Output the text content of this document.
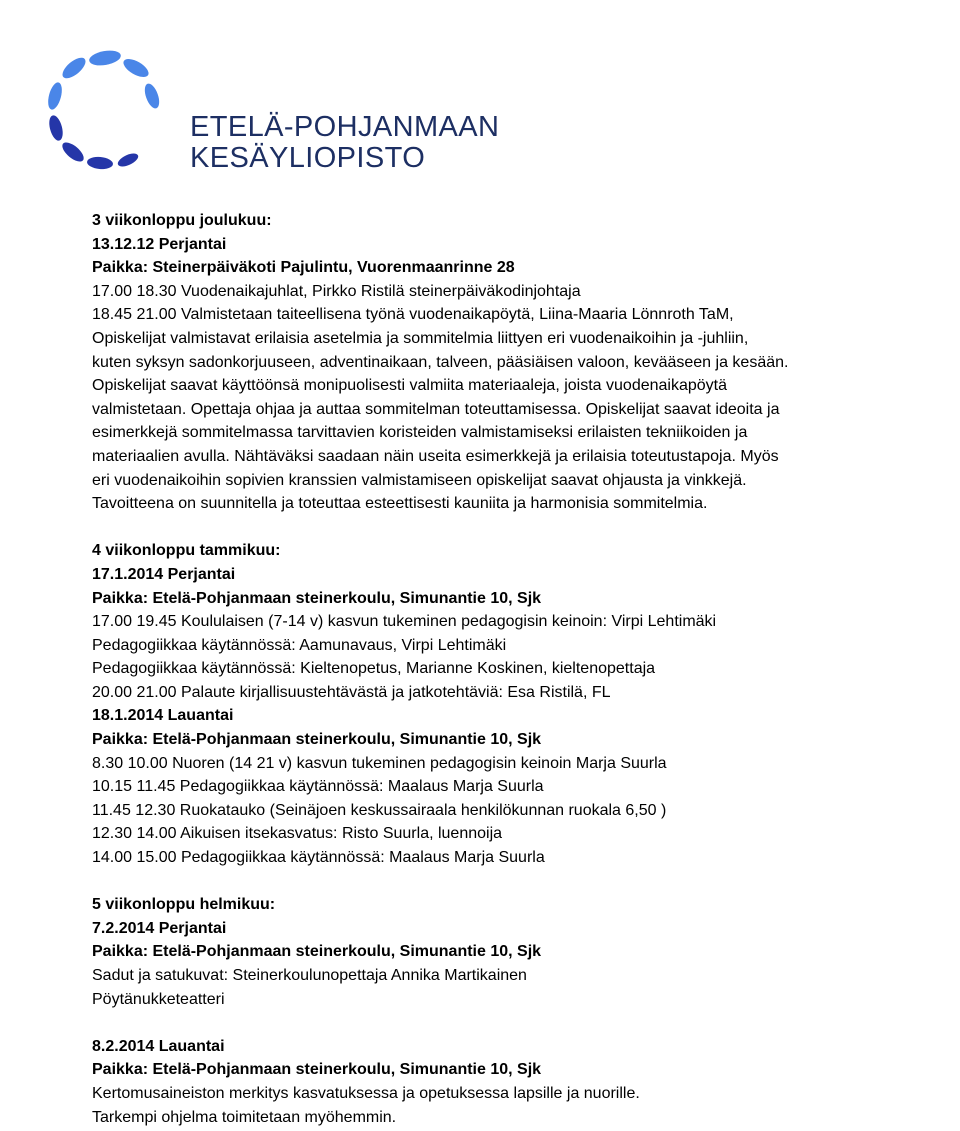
ETELÄ-POHJANMAAN
KESÄYLIOPISTO
3 viikonloppu joulukuu:
13.12.12 Perjantai
Paikka: Steinerpäiväkoti Pajulintu, Vuorenmaanrinne 28
17.00 18.30 Vuodenaikajuhlat, Pirkko Ristilä steinerpäiväkodinjohtaja
18.45 21.00 Valmistetaan taiteellisena työnä vuodenaikapöytä, Liina-Maaria Lönnroth TaM,
Opiskelijat valmistavat erilaisia asetelmia ja sommitelmia liittyen eri vuodenaikoihin ja -juhliin,
kuten syksyn sadonkorjuuseen, adventinaikaan, talveen, pääsiäisen valoon, kevääseen ja kesään.
Opiskelijat saavat käyttöönsä monipuolisesti valmiita materiaaleja, joista vuodenaikapöytä
valmistetaan. Opettaja ohjaa ja auttaa sommitelman toteuttamisessa. Opiskelijat saavat ideoita ja
esimerkkejä sommitelmassa tarvittavien koristeiden valmistamiseksi erilaisten tekniikoiden ja
materiaalien avulla. Nähtäväksi saadaan näin useita esimerkkejä ja erilaisia toteutustapoja. Myös
eri vuodenaikoihin sopivien kranssien valmistamiseen opiskelijat saavat ohjausta ja vinkkejä.
Tavoitteena on suunnitella ja toteuttaa esteettisesti kauniita ja harmonisia sommitelmia.
4 viikonloppu tammikuu:
17.1.2014 Perjantai
Paikka: Etelä-Pohjanmaan steinerkoulu, Simunantie 10, Sjk
17.00 19.45 Koululaisen (7-14 v) kasvun tukeminen pedagogisin keinoin: Virpi Lehtimäki
Pedagogiikkaa käytännössä: Aamunavaus, Virpi Lehtimäki
Pedagogiikkaa käytännössä: Kieltenopetus, Marianne Koskinen, kieltenopettaja
20.00 21.00 Palaute kirjallisuustehtävästä ja jatkotehtäviä: Esa Ristilä, FL
18.1.2014 Lauantai
Paikka: Etelä-Pohjanmaan steinerkoulu, Simunantie 10, Sjk
8.30 10.00 Nuoren (14 21 v) kasvun tukeminen pedagogisin keinoin Marja Suurla
10.15 11.45 Pedagogiikkaa käytännössä: Maalaus Marja Suurla
11.45 12.30 Ruokatauko (Seinäjoen keskussairaala henkilökunnan ruokala 6,50 )
12.30 14.00 Aikuisen itsekasvatus: Risto Suurla, luennoija
14.00 15.00 Pedagogiikkaa käytännössä: Maalaus Marja Suurla
5 viikonloppu helmikuu:
7.2.2014 Perjantai
Paikka: Etelä-Pohjanmaan steinerkoulu, Simunantie 10, Sjk
Sadut ja satukuvat: Steinerkoulunopettaja Annika Martikainen
Pöytänukketeatteri
8.2.2014 Lauantai
Paikka: Etelä-Pohjanmaan steinerkoulu, Simunantie 10, Sjk
Kertomusaineiston merkitys kasvatuksessa ja opetuksessa lapsille ja nuorille.
Tarkempi ohjelma toimitetaan myöhemmin.
